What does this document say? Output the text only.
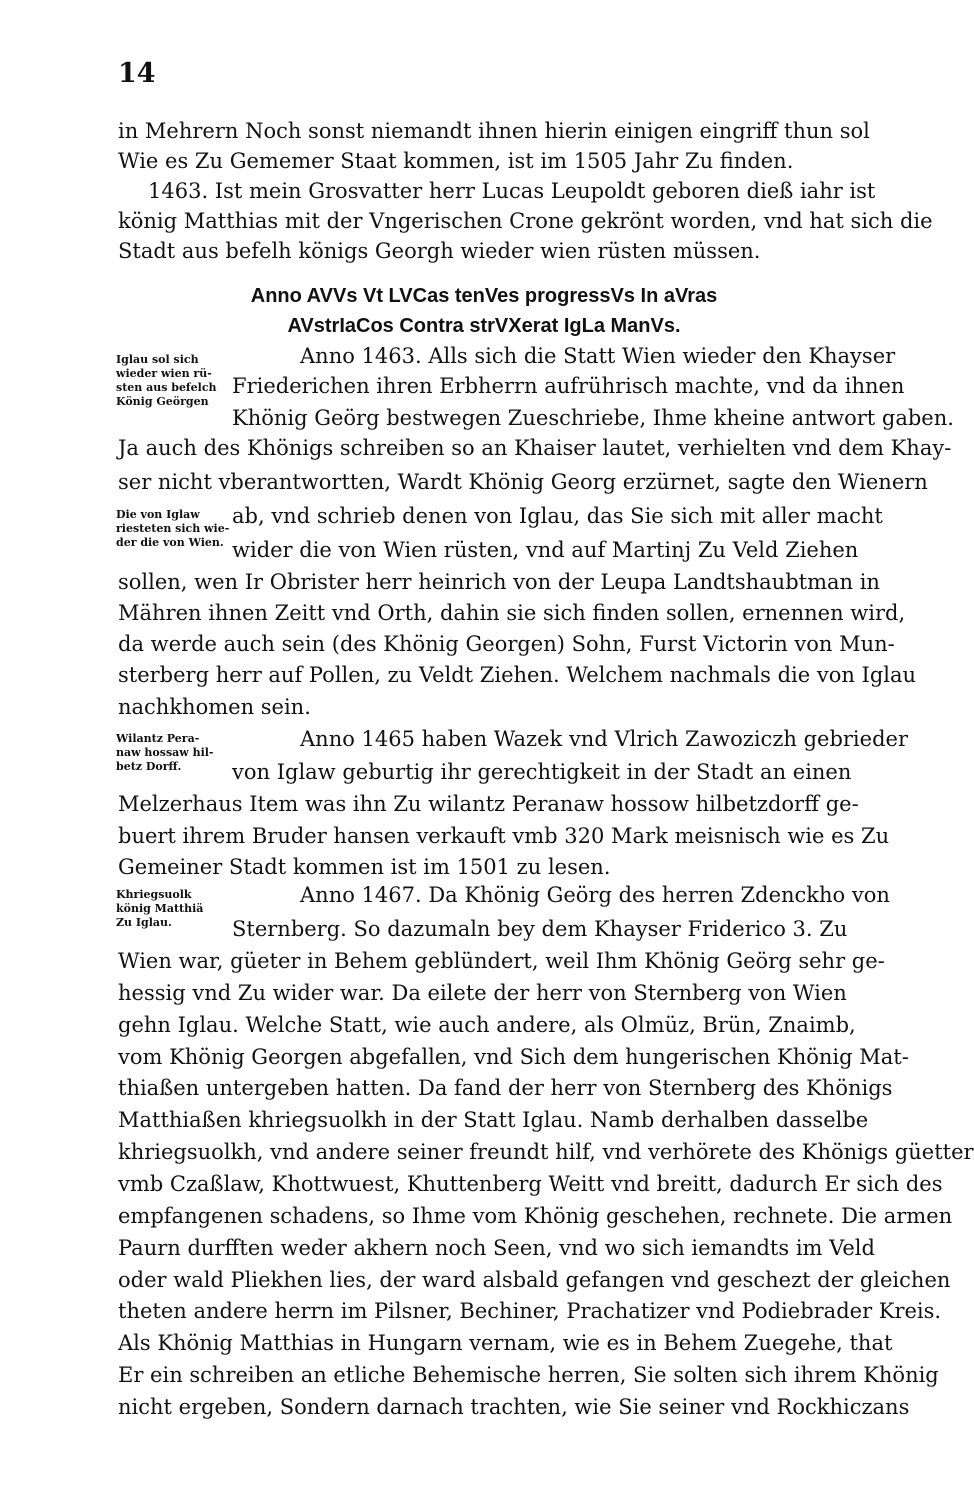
14
in Mehrern Noch sonst niemandt ihnen hierin einigen eingriff thun sol
Wie es Zu Gememer Staat kommen, ist im 1505 Jahr Zu finden.
1463. Ist mein Grosvatter herr Lucas Leupoldt geboren dieß iahr ist
könig Matthias mit der Vngerischen Crone gekrönt worden, vnd hat sich die
Stadt aus befelh königs Georgh wieder wien rüsten müssen.
Anno AVVs Vt LVCas tenVes progressVs In aVras
AVstrIaCos Contra strVXerat IgLa ManVs.
Iglau sol sich
wieder wien rü-
sten aus befelch
König Geörgen
Anno 1463. Alls sich die Statt Wien wieder den Khayser
Friederichen ihren Erbherrn aufrührisch machte, vnd da ihnen
Khönig Geörg bestwegen Zueschriebe, Ihme kheine antwort gaben.
Ja auch des Khönigs schreiben so an Khaiser lautet, verhielten vnd dem Khay-
ser nicht vberantwortten, Wardt Khönig Georg erzürnet, sagte den Wienern
Die von Iglaw
riesteten sich wie-
der die von Wien.
ab, vnd schrieb denen von Iglau, das Sie sich mit aller macht
wider die von Wien rüsten, vnd auf Martinj Zu Veld Ziehen
sollen, wen Ir Obrister herr heinrich von der Leupa Landtshaubtman in
Mähren ihnen Zeitt vnd Orth, dahin sie sich finden sollen, ernennen wird,
da werde auch sein (des Khönig Georgen) Sohn, Furst Victorin von Mun-
sterberg herr auf Pollen, zu Veldt Ziehen. Welchem nachmals die von Iglau
nachkhomen sein.
Wilantz Pera-
naw hossaw hil-
betz Dorff.
Anno 1465 haben Wazek vnd Vlrich Zawoziczh gebrieder
von Iglaw geburtig ihr gerechtigkeit in der Stadt an einen
Melzerhaus Item was ihn Zu wilantz Peranaw hossow hilbetzdorff ge-
buert ihrem Bruder hansen verkauft vmb 320 Mark meisnisch wie es Zu
Gemeiner Stadt kommen ist im 1501 zu lesen.
Khriegsuolk
könig Matthiä
Zu Iglau.
Anno 1467. Da Khönig Geörg des herren Zdenckho von
Sternberg. So dazumaln bey dem Khayser Friderico 3. Zu
Wien war, güeter in Behem geblündert, weil Ihm Khönig Geörg sehr ge-
hessig vnd Zu wider war. Da eilete der herr von Sternberg von Wien
gehn Iglau. Welche Statt, wie auch andere, als Olmüz, Brün, Znaimb,
vom Khönig Georgen abgefallen, vnd Sich dem hungerischen Khönig Mat-
thiaßen untergeben hatten. Da fand der herr von Sternberg des Khönigs
Matthiaßen khriegsuolkh in der Statt Iglau. Namb derhalben dasselbe
khriegsuolkh, vnd andere seiner freundt hilf, vnd verhörete des Khönigs güetter
vmb Czaßlaw, Khottwuest, Khuttenberg Weitt vnd breitt, dadurch Er sich des
empfangenen schadens, so Ihme vom Khönig geschehen, rechnete. Die armen
Paurn durfften weder akhern noch Seen, vnd wo sich iemandts im Veld
oder wald Pliekhen lies, der ward alsbald gefangen vnd geschezt der gleichen
theten andere herrn im Pilsner, Bechiner, Prachatizer vnd Podiebrader Kreis.
Als Khönig Matthias in Hungarn vernam, wie es in Behem Zuegehe, that
Er ein schreiben an etliche Behemische herren, Sie solten sich ihrem Khönig
nicht ergeben, Sondern darnach trachten, wie Sie seiner vnd Rockhiczans
